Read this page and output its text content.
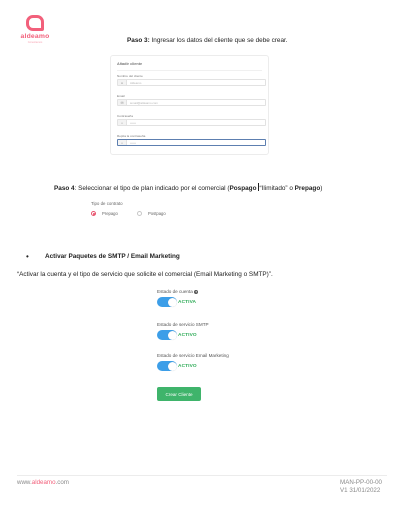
aldeamo
Conectamos	Paso 3: Ingresar los datos del cliente que se debe crear.
Añadir cliente
Nombre del cliente
☺	Aldeamo
Email
✉	iemail@aldeamo.com
Contraseña
⌂	••••••
Repita la contraseña
⌂	••••••
Paso 4: Seleccionar el tipo de plan indicado por el comercial (Pospago “Ilimitado” o Prepago)
Tipo de contrato
Prepago	Postpago
•	Activar Paquetes de SMTP / Email Marketing
“Activar la cuenta y el tipo de servicio que solicite el comercial (Email Marketing o SMTP)”.
Estado de cuenta ?
ACTIVA
Estado de servicio SMTP
ACTIVO
Estado de servicio Email Marketing
ACTIVO
Crear Cliente
www.aldeamo.com	MAN-PP-00-00
V1 31/01/2022
